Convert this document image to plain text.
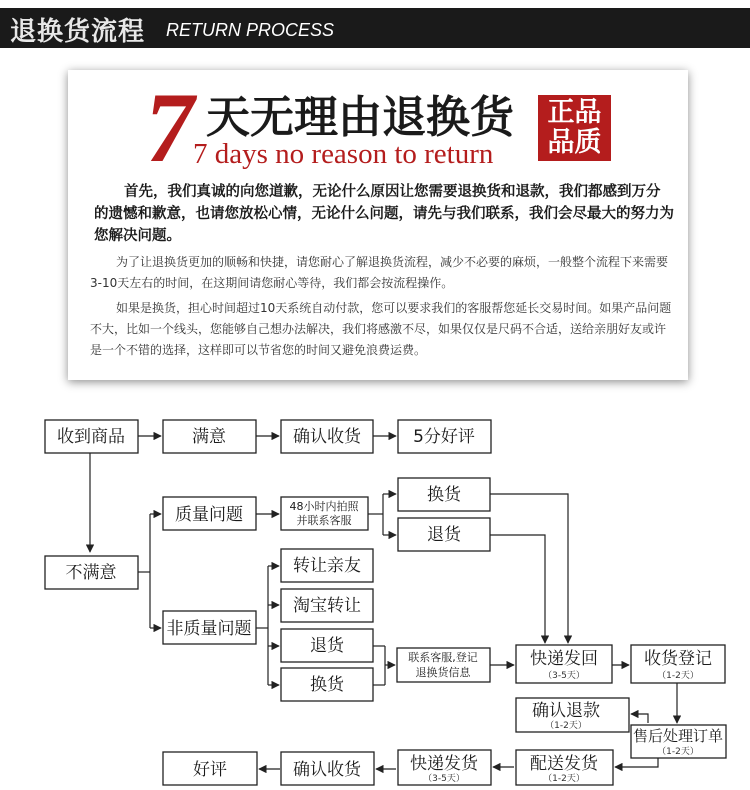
退换货流程 RETURN PROCESS
7 天无理由退换货
7 days no reason to return
正品
品质
首先，我们真诚的向您道歉，无论什么原因让您需要退换货和退款，我们都感到万分的遗憾和歉意，也请您放松心情，无论什么问题，请先与我们联系，我们会尽最大的努力为您解决问题。
为了让退换货更加的顺畅和快捷，请您耐心了解退换货流程，减少不必要的麻烦，一般整个流程下来需要3-10天左右的时间，在这期间请您耐心等待，我们都会按流程操作。
如果是换货，担心时间超过10天系统自动付款，您可以要求我们的客服帮您延长交易时间。如果产品问题不大，比如一个线头，您能够自己想办法解决，我们将感激不尽，如果仅仅是尺码不合适，送给亲朋好友或许是一个不错的选择，这样即可以节省您的时间又避免浪费运费。
收到商品	满意	确认收货	5分好评
不满意
质量问题	48小时内拍照
并联系客服
换货
退货
非质量问题
转让亲友
淘宝转让
退货
换货
联系客服,登记
退换货信息
快递发回
（3-5天）
收货登记
（1-2天）
确认退款
（1-2天）
售后处理订单
（1-2天）
配送发货
（1-2天）
快递发货
（3-5天）
确认收货
好评
